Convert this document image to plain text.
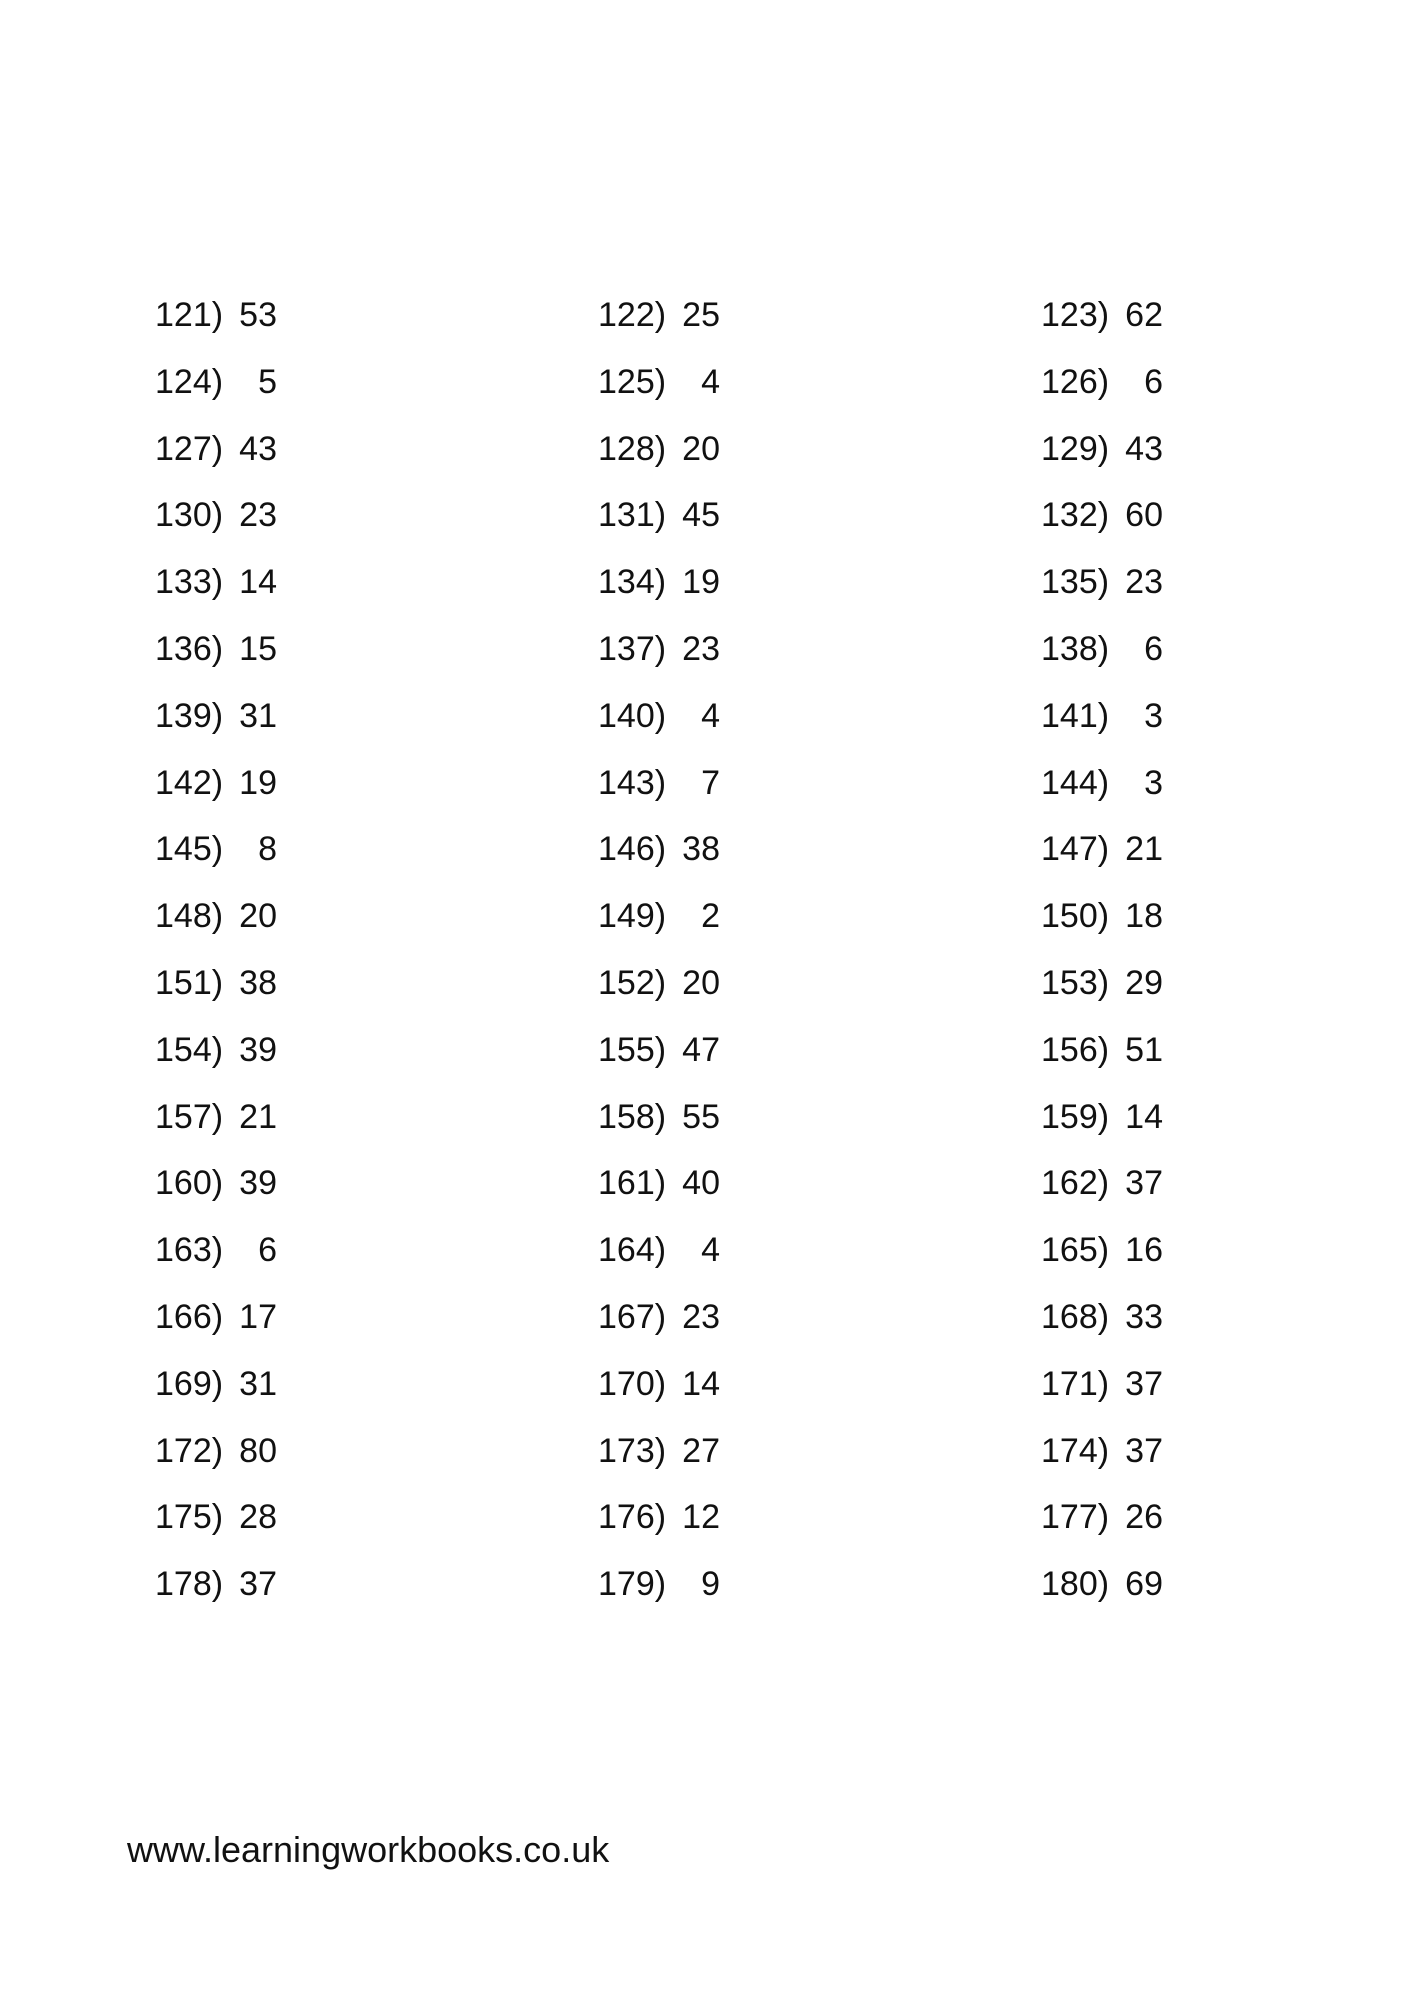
121) 53	122) 25	123) 62
124) 5	125) 4	126) 6
127) 43	128) 20	129) 43
130) 23	131) 45	132) 60
133) 14	134) 19	135) 23
136) 15	137) 23	138) 6
139) 31	140) 4	141) 3
142) 19	143) 7	144) 3
145) 8	146) 38	147) 21
148) 20	149) 2	150) 18
151) 38	152) 20	153) 29
154) 39	155) 47	156) 51
157) 21	158) 55	159) 14
160) 39	161) 40	162) 37
163) 6	164) 4	165) 16
166) 17	167) 23	168) 33
169) 31	170) 14	171) 37
172) 80	173) 27	174) 37
175) 28	176) 12	177) 26
178) 37	179) 9	180) 69
www.learningworkbooks.co.uk
